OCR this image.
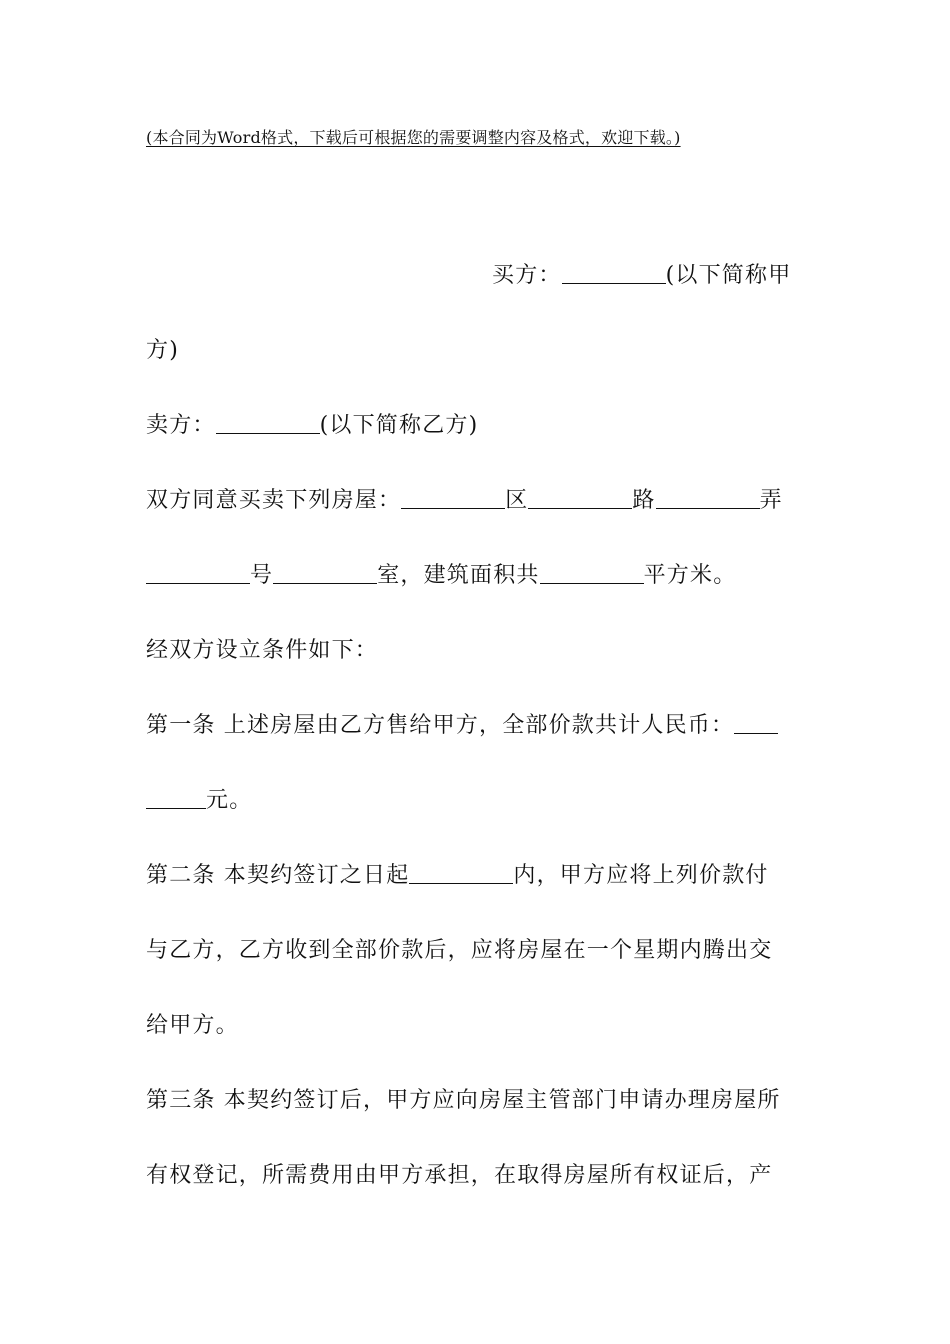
(本合同为Word格式，下载后可根据您的需要调整内容及格式，欢迎下载。)
买方：	(以下简称甲
方)
卖方：	(以下简称乙方)
双方同意买卖下列房屋：	区	路	弄
号	室，建筑面积共	平方米。
经双方设立条件如下：
第一条 上述房屋由乙方售给甲方，全部价款共计人民币：
元。
第二条 本契约签订之日起	内，甲方应将上列价款付
与乙方，乙方收到全部价款后，应将房屋在一个星期内腾出交
给甲方。
第三条 本契约签订后，甲方应向房屋主管部门申请办理房屋所
有权登记，所需费用由甲方承担，在取得房屋所有权证后，产
